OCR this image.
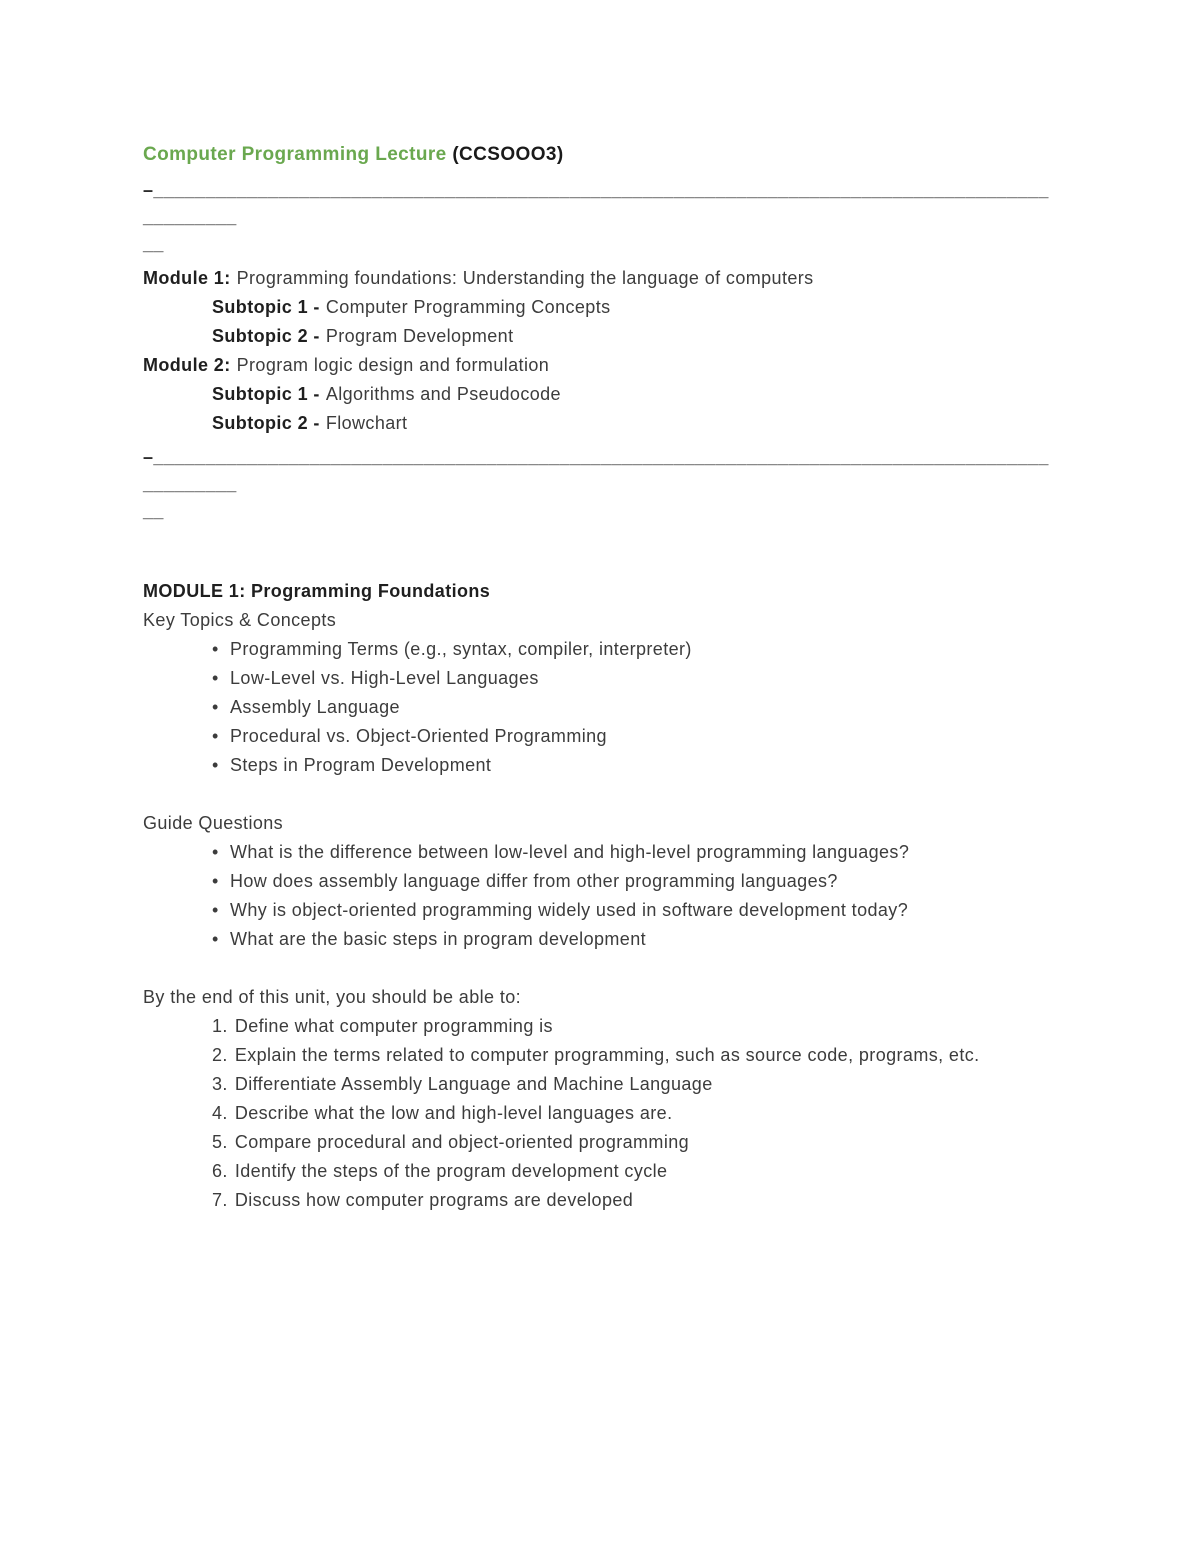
Computer Programming Lecture (CCSOOO3)
–_______________________________________________________________________________________________
__

Module 1: Programming foundations: Understanding the language of computers

Subtopic 1 - Computer Programming Concepts

Subtopic 2 - Program Development

Module 2: Program logic design and formulation

Subtopic 1 - Algorithms and Pseudocode

Subtopic 2 - Flowchart

–_______________________________________________________________________________________________
__
MODULE 1: Programming Foundations

Key Topics & Concepts

• Programming Terms (e.g., syntax, compiler, interpreter)
• Low-Level vs. High-Level Languages
• Assembly Language
• Procedural vs. Object-Oriented Programming
• Steps in Program Development

Guide Questions

• What is the difference between low-level and high-level programming languages?
• How does assembly language differ from other programming languages?
• Why is object-oriented programming widely used in software development today?
• What are the basic steps in program development

By the end of this unit, you should be able to:

1. Define what computer programming is
2. Explain the terms related to computer programming, such as source code, programs, etc.
3. Differentiate Assembly Language and Machine Language
4. Describe what the low and high-level languages are.
5. Compare procedural and object-oriented programming
6. Identify the steps of the program development cycle
7. Discuss how computer programs are developed
